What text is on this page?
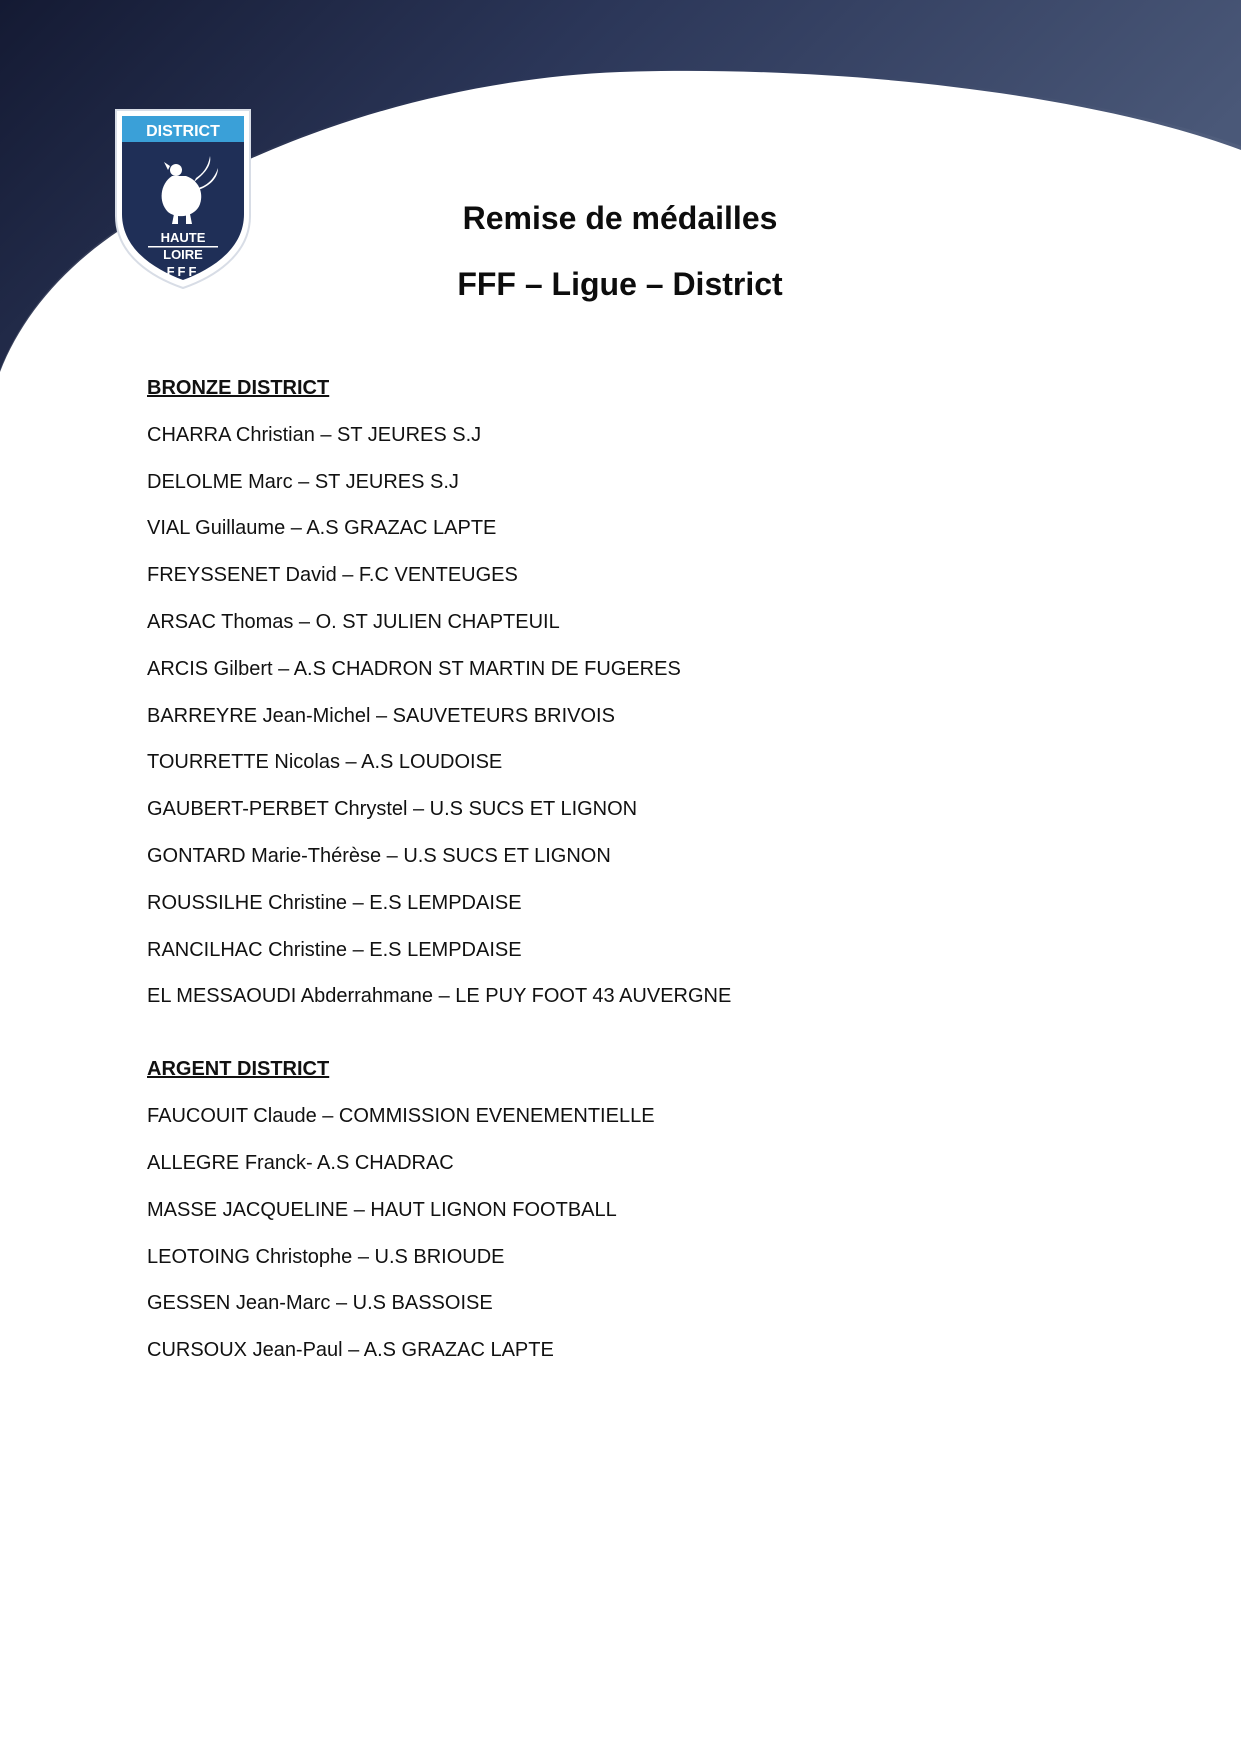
DISTRICT
HAUTE
LOIRE
FFF
Remise de médailles
FFF – Ligue – District
BRONZE DISTRICT
CHARRA Christian – ST JEURES S.J
DELOLME Marc – ST JEURES S.J
VIAL Guillaume – A.S GRAZAC LAPTE
FREYSSENET David – F.C VENTEUGES
ARSAC Thomas – O. ST JULIEN CHAPTEUIL
ARCIS Gilbert – A.S CHADRON ST MARTIN DE FUGERES
BARREYRE Jean-Michel – SAUVETEURS BRIVOIS
TOURRETTE Nicolas – A.S LOUDOISE
GAUBERT-PERBET Chrystel – U.S SUCS ET LIGNON
GONTARD Marie-Thérèse – U.S SUCS ET LIGNON
ROUSSILHE Christine – E.S LEMPDAISE
RANCILHAC Christine – E.S LEMPDAISE
EL MESSAOUDI Abderrahmane – LE PUY FOOT 43 AUVERGNE
ARGENT DISTRICT
FAUCOUIT Claude – COMMISSION EVENEMENTIELLE
ALLEGRE Franck- A.S CHADRAC
MASSE JACQUELINE – HAUT LIGNON FOOTBALL
LEOTOING Christophe – U.S BRIOUDE
GESSEN Jean-Marc – U.S BASSOISE
CURSOUX Jean-Paul – A.S GRAZAC LAPTE
